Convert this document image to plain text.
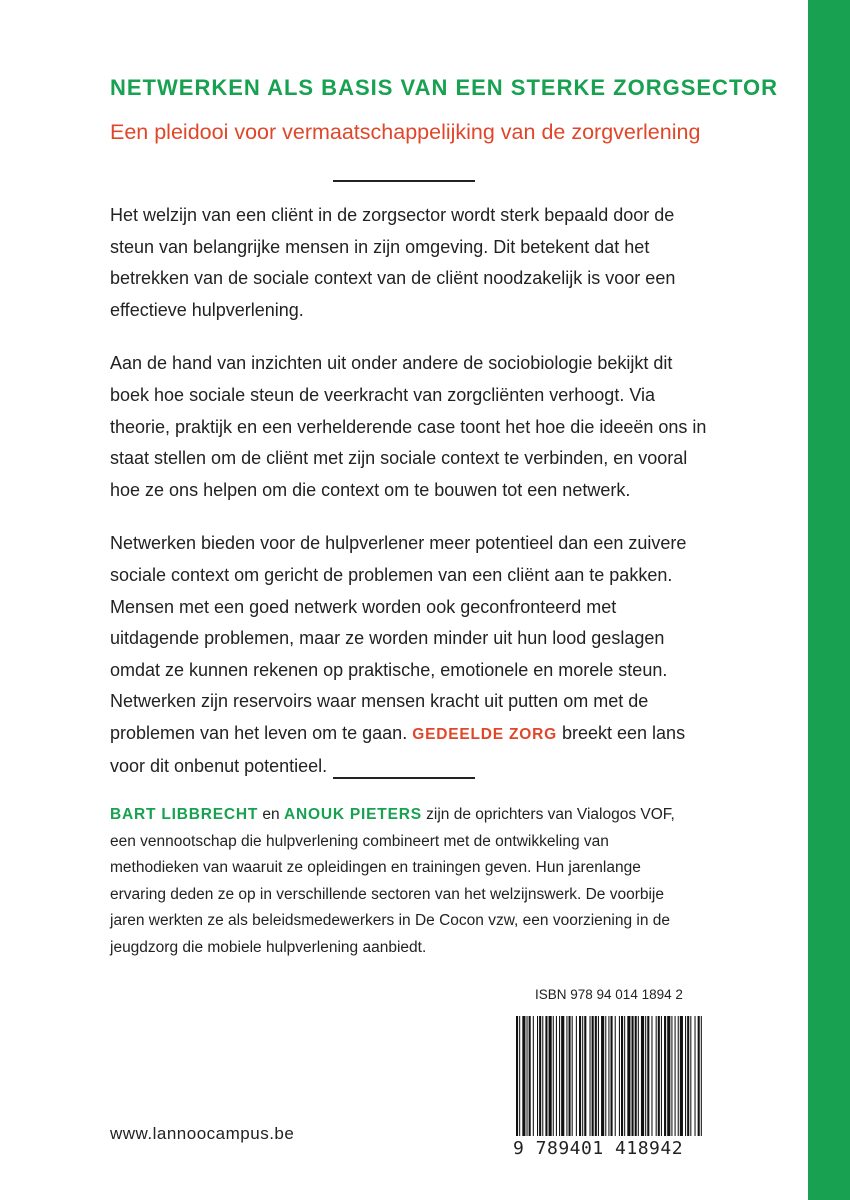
NETWERKEN ALS BASIS VAN EEN STERKE ZORGSECTOR
Een pleidooi voor vermaatschappelijking van de zorgverlening

Het welzijn van een cliënt in de zorgsector wordt sterk bepaald door de steun van belangrijke mensen in zijn omgeving. Dit betekent dat het betrekken van de sociale context van de cliënt noodzakelijk is voor een effectieve hulpverlening.

Aan de hand van inzichten uit onder andere de sociobiologie bekijkt dit boek hoe sociale steun de veerkracht van zorgcliënten verhoogt. Via theorie, praktijk en een verhelderende case toont het hoe die ideeën ons in staat stellen om de cliënt met zijn sociale context te verbinden, en vooral hoe ze ons helpen om die context om te bouwen tot een netwerk.

Netwerken bieden voor de hulpverlener meer potentieel dan een zuivere sociale context om gericht de problemen van een cliënt aan te pakken. Mensen met een goed netwerk worden ook geconfronteerd met uitdagende problemen, maar ze worden minder uit hun lood geslagen omdat ze kunnen rekenen op praktische, emotionele en morele steun. Netwerken zijn reservoirs waar mensen kracht uit putten om met de problemen van het leven om te gaan. GEDEELDE ZORG breekt een lans voor dit onbenut potentieel.

BART LIBBRECHT en ANOUK PIETERS zijn de oprichters van Vialogos VOF, een vennootschap die hulpverlening combineert met de ontwikkeling van methodieken van waaruit ze opleidingen en trainingen geven. Hun jarenlange ervaring deden ze op in verschillende sectoren van het welzijnswerk. De voorbije jaren werkten ze als beleidsmedewerkers in De Cocon vzw, een voorziening in de jeugdzorg die mobiele hulpverlening aanbiedt.
ISBN 978 94 014 1894 2
9 789401 418942
www.lannoocampus.be
